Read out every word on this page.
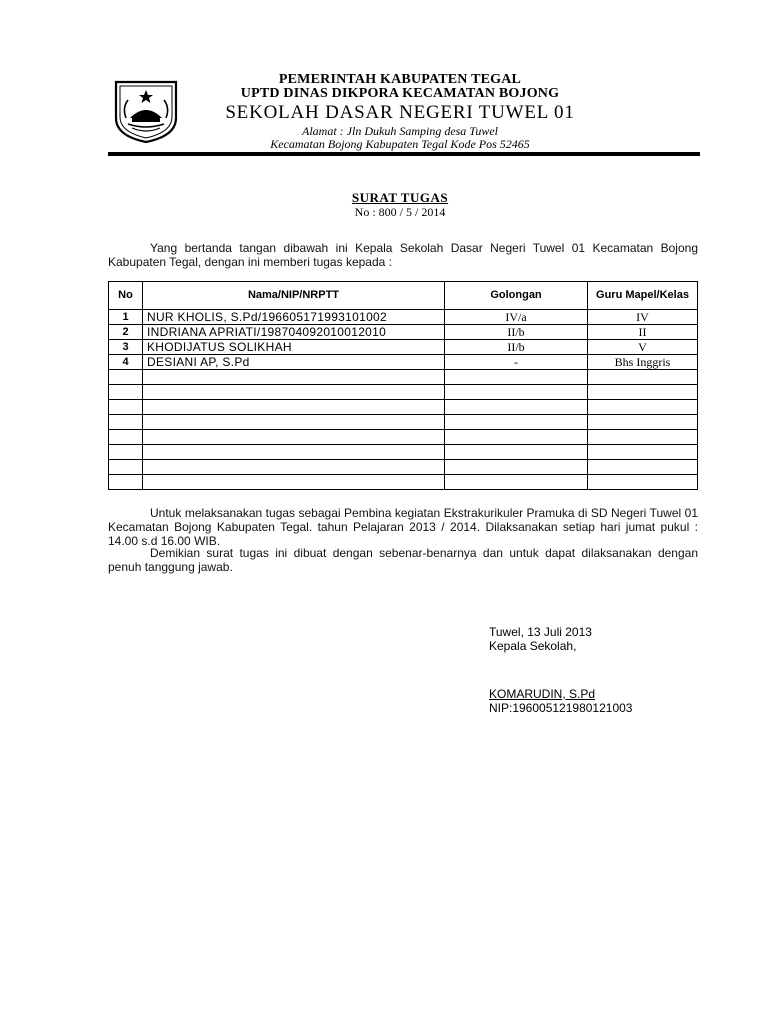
PEMERINTAH KABUPATEN TEGAL
UPTD DINAS DIKPORA KECAMATAN BOJONG
SEKOLAH DASAR NEGERI TUWEL 01
Alamat : Jln Dukuh Samping desa Tuwel
Kecamatan Bojong Kabupaten Tegal Kode Pos 52465
SURAT TUGAS
No : 800 / 5 / 2014
Yang bertanda tangan dibawah ini Kepala Sekolah Dasar Negeri Tuwel 01 Kecamatan Bojong Kabupaten Tegal, dengan ini memberi tugas kepada :
No	Nama/NIP/NRPTT	Golongan	Guru Mapel/Kelas
1	NUR KHOLIS, S.Pd/196605171993101002	IV/a	IV
2	INDRIANA APRIATI/198704092010012010	II/b	II
3	KHODIJATUS SOLIKHAH	II/b	V
4	DESIANI AP, S.Pd	-	Bhs Inggris

Untuk melaksanakan tugas sebagai Pembina kegiatan Ekstrakurikuler Pramuka di SD Negeri Tuwel 01 Kecamatan Bojong Kabupaten Tegal. tahun Pelajaran 2013 / 2014. Dilaksanakan setiap hari jumat pukul : 14.00 s.d 16.00 WIB.
Demikian surat tugas ini dibuat dengan sebenar-benarnya dan untuk dapat dilaksanakan dengan penuh tanggung jawab.
Tuwel, 13 Juli 2013
Kepala Sekolah,
KOMARUDIN, S.Pd
NIP:196005121980121003
